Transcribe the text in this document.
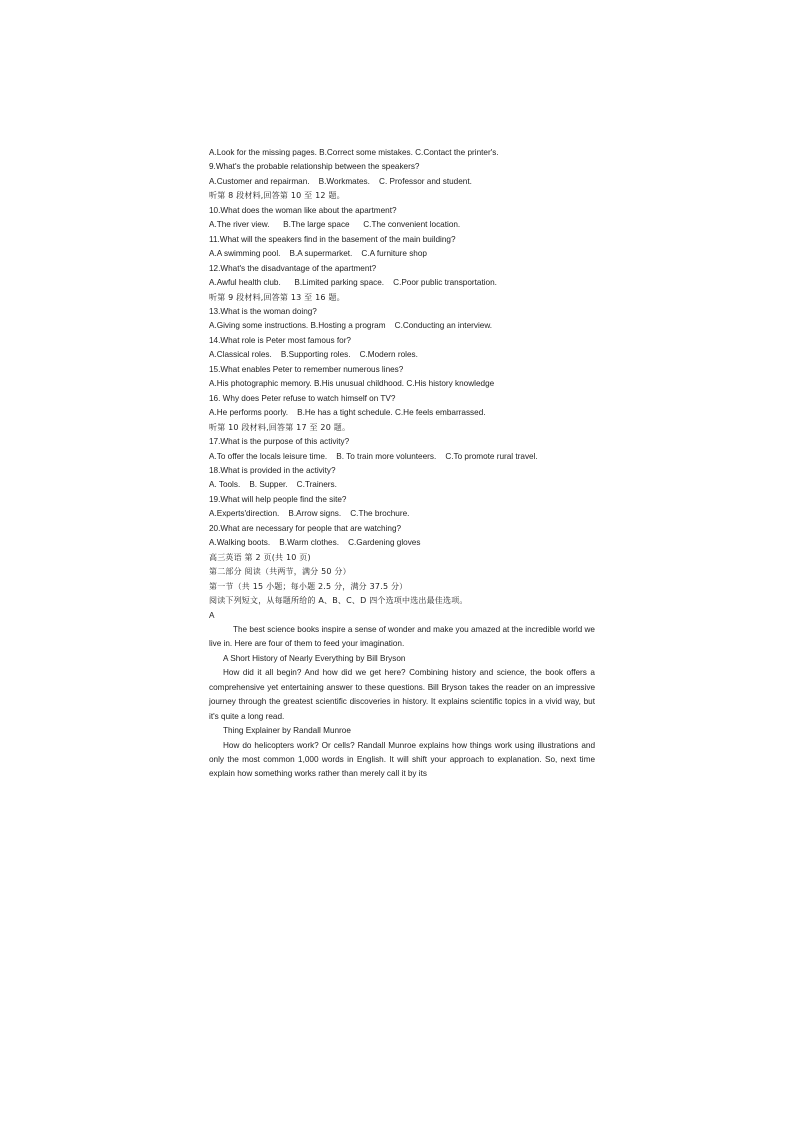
A.Look for the missing pages. B.Correct some mistakes. C.Contact the printer's.
9.What's the probable relationship between the speakers?
A.Customer and repairman.    B.Workmates.    C. Professor and student.
听第 8 段材料,回答第 10 至 12 题。
10.What does the woman like about the apartment?
A.The river view.      B.The large space      C.The convenient location.
11.What will the speakers find in the basement of the main building?
A.A swimming pool.    B.A supermarket.    C.A furniture shop
12.What's the disadvantage of the apartment?
A.Awful health club.      B.Limited parking space.    C.Poor public transportation.
听第 9 段材料,回答第 13 至 16 题。
13.What is the woman doing?
A.Giving some instructions. B.Hosting a program    C.Conducting an interview.
14.What role is Peter most famous for?
A.Classical roles.    B.Supporting roles.    C.Modern roles.
15.What enables Peter to remember numerous lines?
A.His photographic memory. B.His unusual childhood. C.His history knowledge
16. Why does Peter refuse to watch himself on TV?
A.He performs poorly.    B.He has a tight schedule. C.He feels embarrassed.
听第 10 段材料,回答第 17 至 20 题。
17.What is the purpose of this activity?
A.To offer the locals leisure time.    B. To train more volunteers.    C.To promote rural travel.
18.What is provided in the activity?
A. Tools.    B. Supper.    C.Trainers.
19.What will help people find the site?
A.Experts'direction.    B.Arrow signs.    C.The brochure.
20.What are necessary for people that are watching?
A.Walking boots.    B.Warm clothes.    C.Gardening gloves
高三英语 第 2 页(共 10 页)
第二部分 阅读（共两节，满分 50 分）
第一节（共 15 小题；每小题 2.5 分，满分 37.5 分）
阅读下列短文，从每题所给的 A、B、C、D 四个选项中选出最佳选项。
A
The best science books inspire a sense of wonder and make you amazed at the incredible world we live in. Here are four of them to feed your imagination.
A Short History of Nearly Everything by Bill Bryson
How did it all begin? And how did we get here? Combining history and science, the book offers a comprehensive yet entertaining answer to these questions. Bill Bryson takes the reader on an impressive journey through the greatest scientific discoveries in history. It explains scientific topics in a vivid way, but it's quite a long read.
Thing Explainer by Randall Munroe
How do helicopters work? Or cells? Randall Munroe explains how things work using illustrations and only the most common 1,000 words in English. It will shift your approach to explanation. So, next time explain how something works rather than merely call it by its
